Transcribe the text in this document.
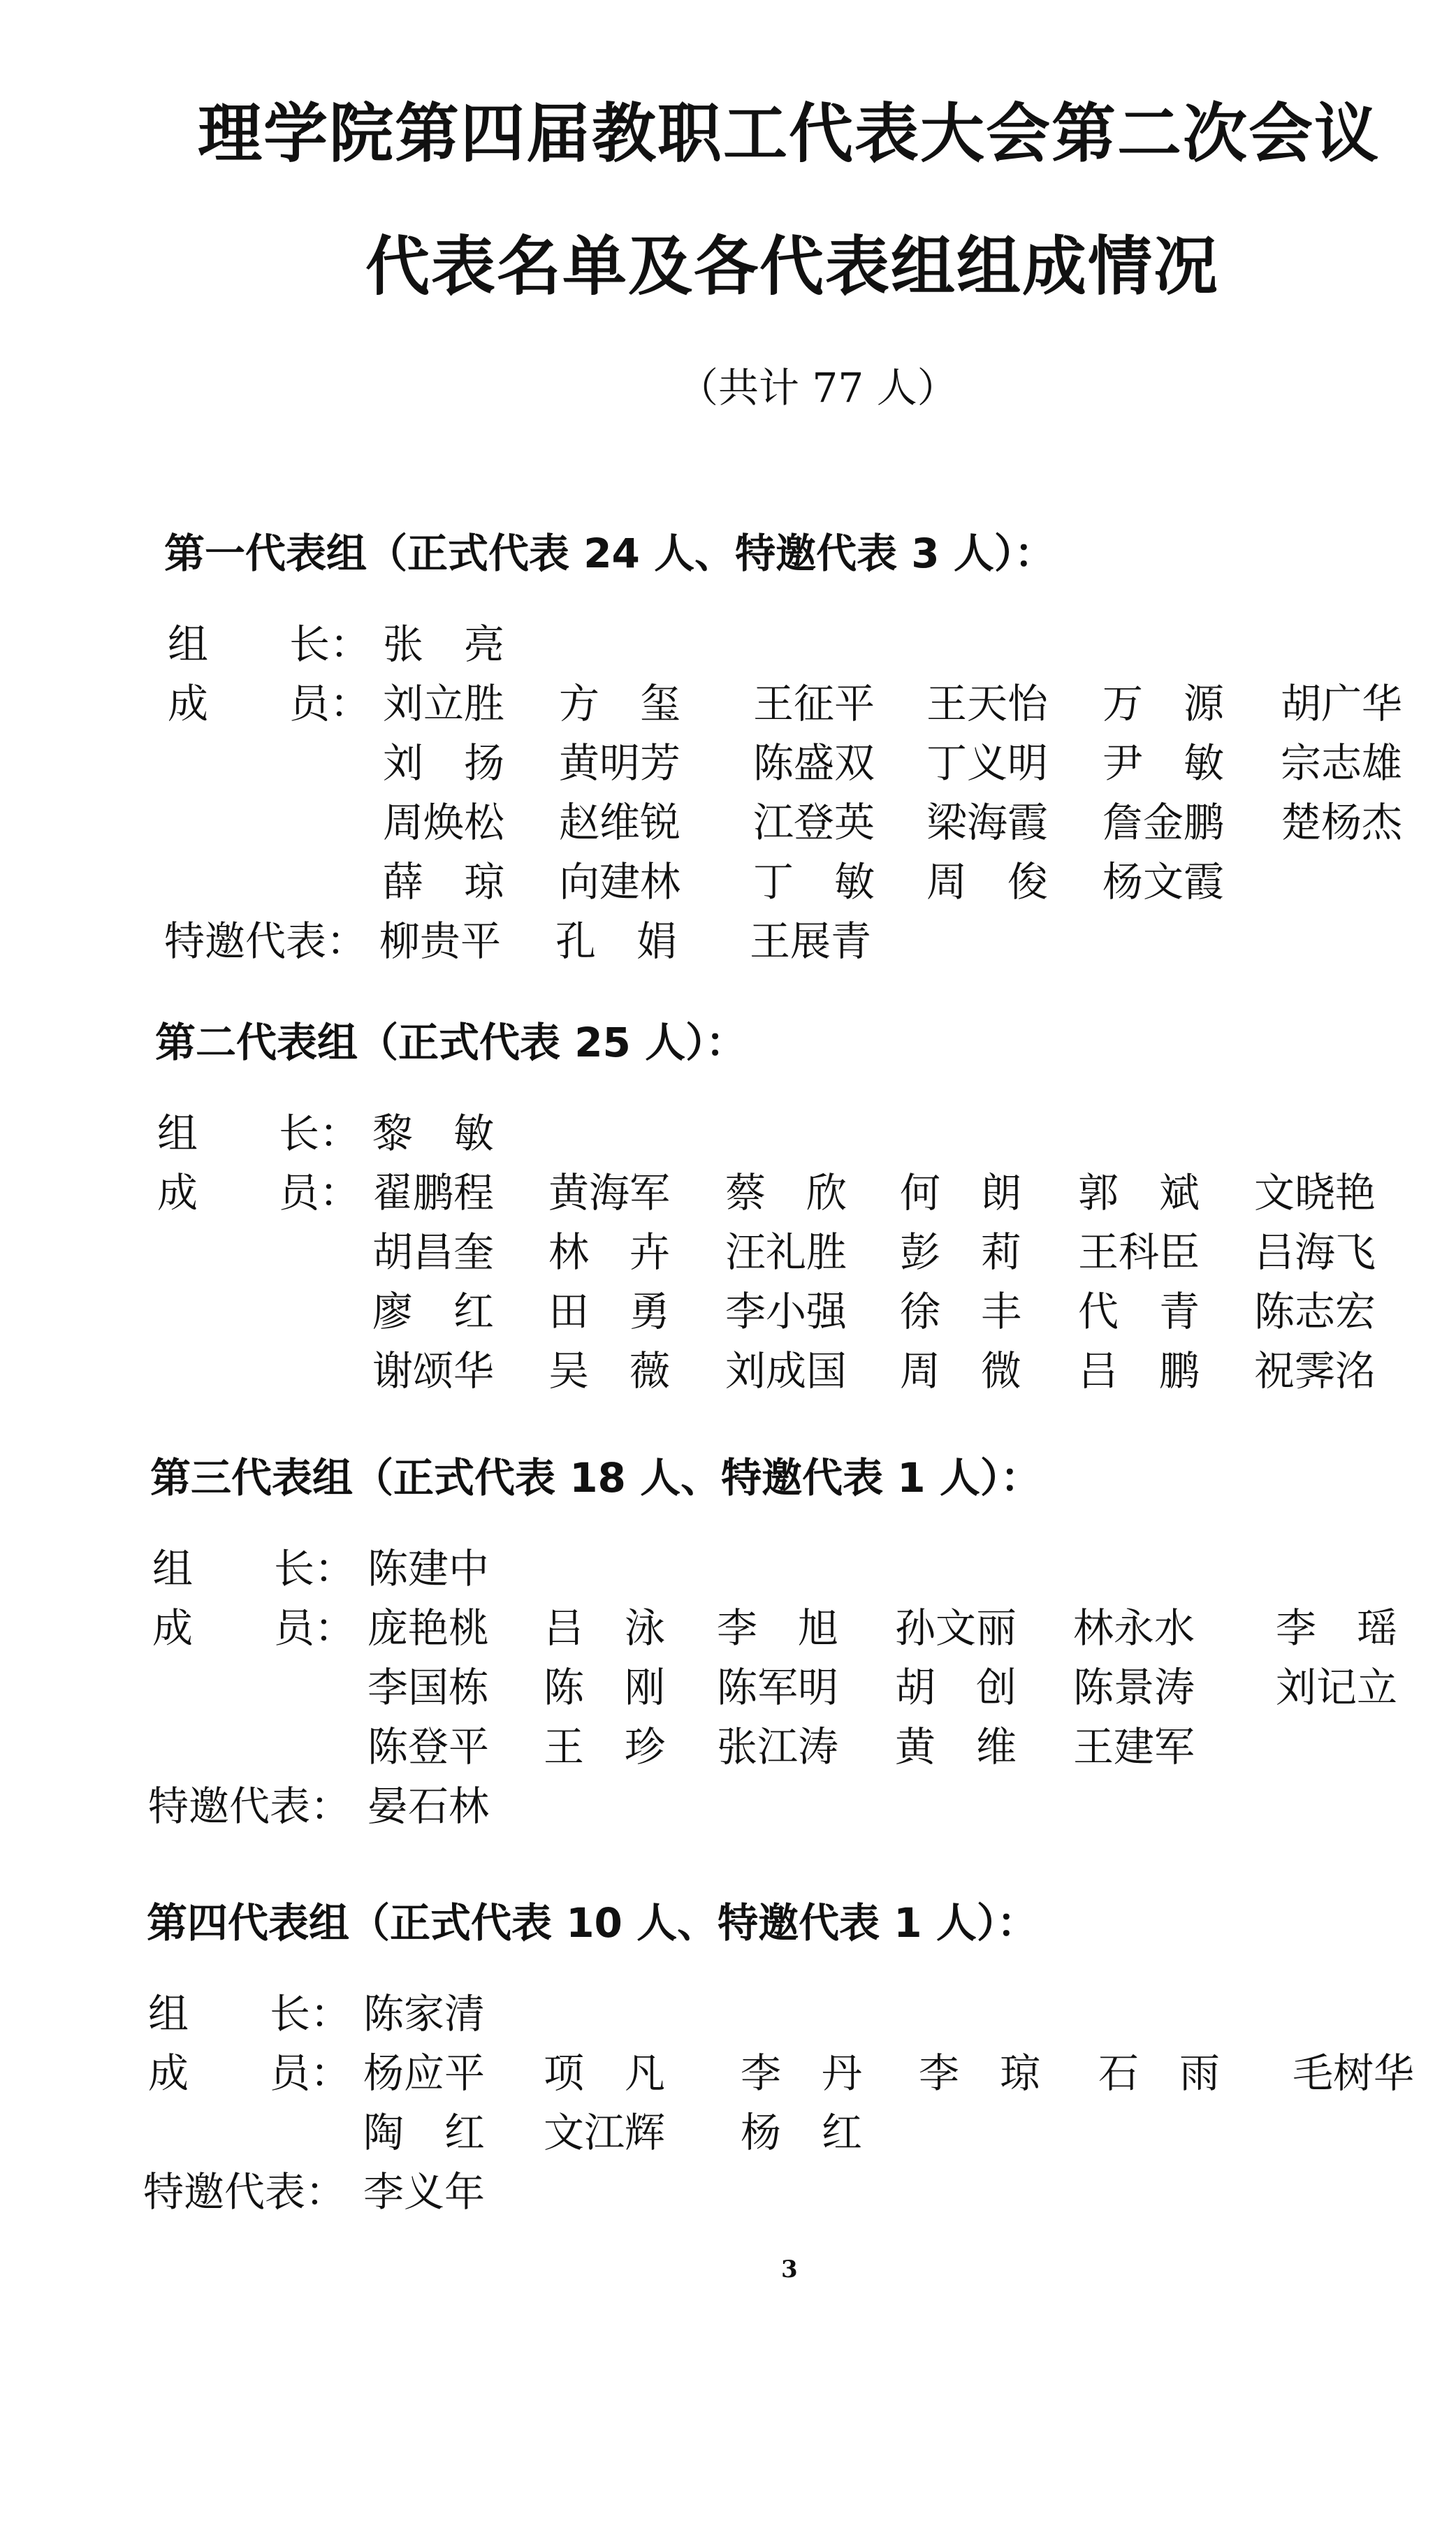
理学院第四届教职工代表大会第二次会议
代表名单及各代表组组成情况
（共计 77 人）
第一代表组（正式代表 24 人、特邀代表 3 人）：
组　　长： 张　亮
成　　员： 刘立胜 方　玺 王征平 王天怡 万　源 胡广华
刘　扬 黄明芳 陈盛双 丁义明 尹　敏 宗志雄
周焕松 赵维锐 江登英 梁海霞 詹金鹏 楚杨杰
薛　琼 向建林 丁　敏 周　俊 杨文霞
特邀代表： 柳贵平 孔　娟 王展青
第二代表组（正式代表 25 人）：
组　　长： 黎　敏
成　　员： 翟鹏程 黄海军 蔡　欣 何　朗 郭　斌 文晓艳
胡昌奎 林　卉 汪礼胜 彭　莉 王科臣 吕海飞
廖　红 田　勇 李小强 徐　丰 代　青 陈志宏
谢颂华 吴　薇 刘成国 周　微 吕　鹏 祝霁洺
第三代表组（正式代表 18 人、特邀代表 1 人）：
组　　长： 陈建中
成　　员： 庞艳桃 吕　泳 李　旭 孙文丽 林永水 李　瑶
李国栋 陈　刚 陈军明 胡　创 陈景涛 刘记立
陈登平 王　珍 张江涛 黄　维 王建军
特邀代表： 晏石林
第四代表组（正式代表 10 人、特邀代表 1 人）：
组　　长： 陈家清
成　　员： 杨应平 项　凡 李　丹 李　琼 石　雨 毛树华
陶　红 文江辉 杨　红
特邀代表： 李义年
3
